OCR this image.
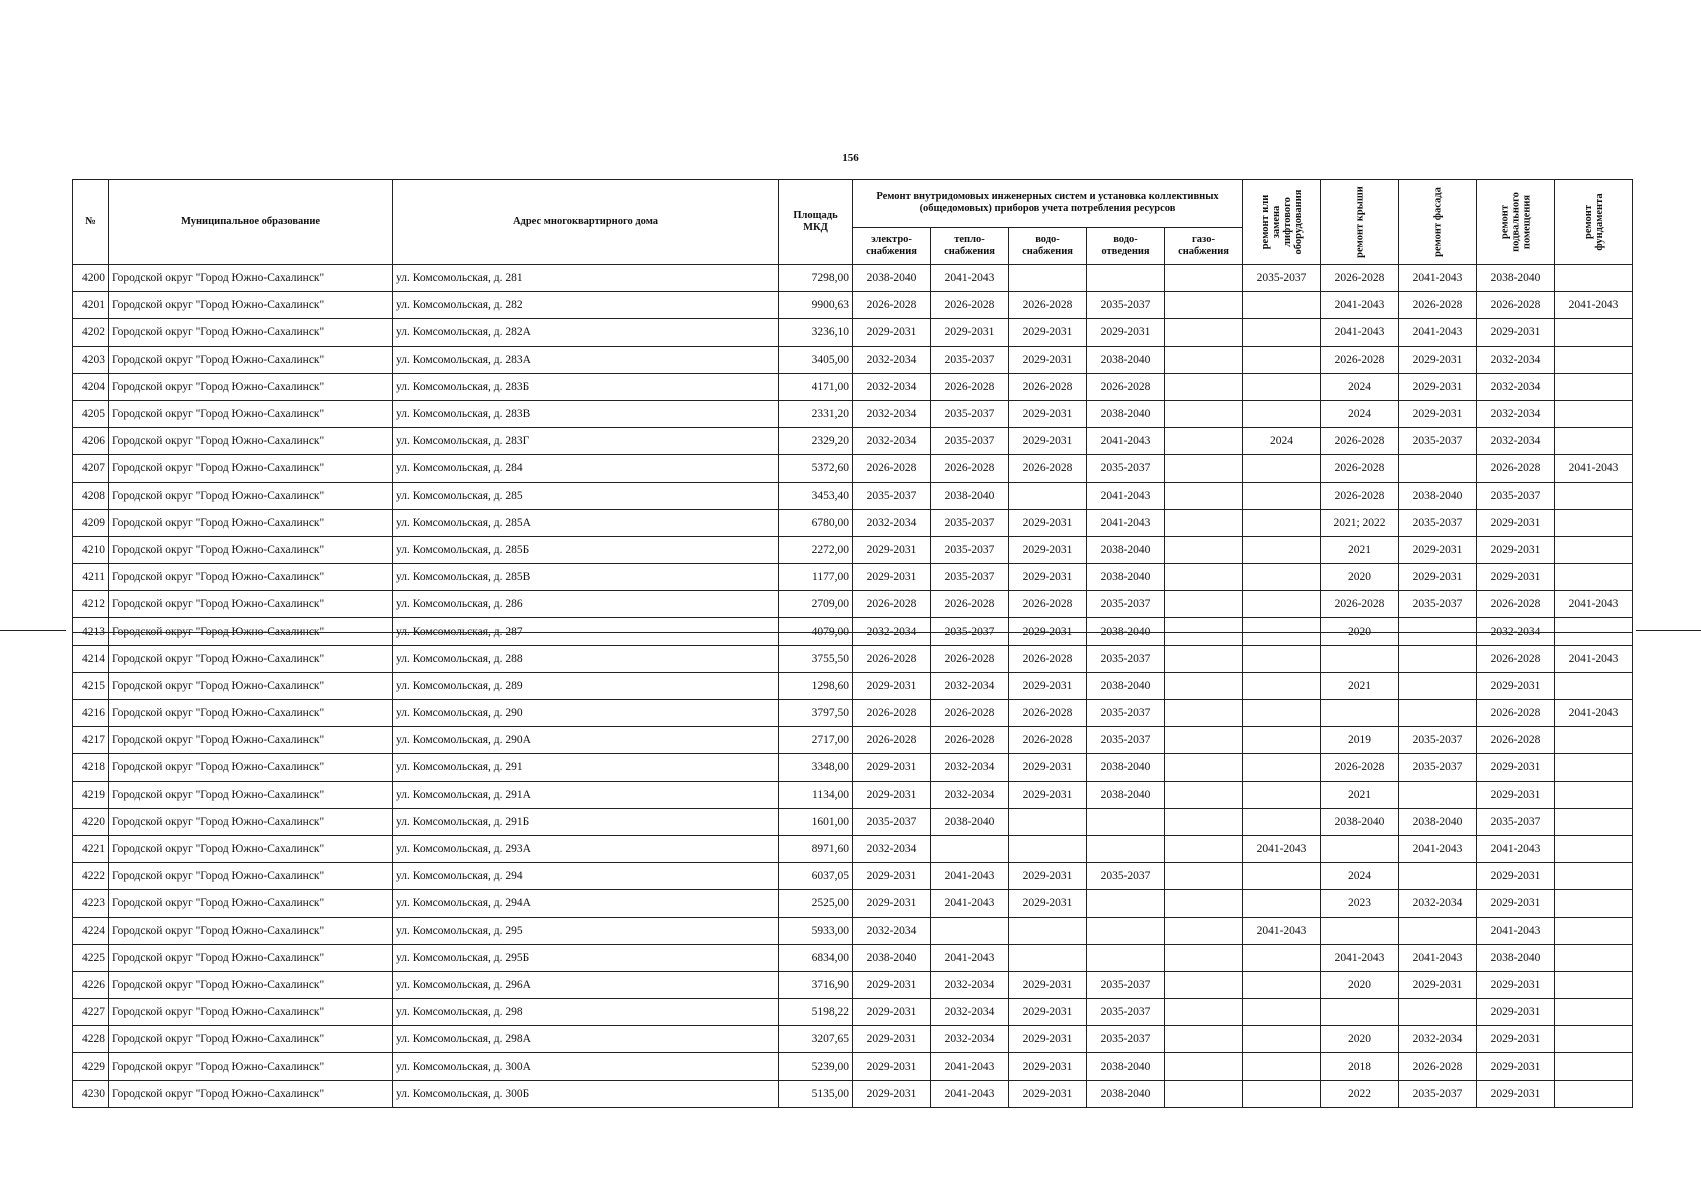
156
№	Муниципальное образование	Адрес многоквартирного дома	Площадь МКД	Ремонт внутридомовых инженерных систем и установка коллективных (общедомовых) приборов учета потребления ресурсов					ремонт или замена лифтового оборудования	ремонт крыши	ремонт фасада	ремонт подвального помещения	ремонт фундамента

				электро-снабжения	тепло-снабжения	водо-снабжения	водо-отведения	газо-снабжения					
4200	Городской округ "Город Южно-Сахалинск"	ул. Комсомольская, д. 281	7298,00	2038-2040	2041-2043				2035-2037	2026-2028	2041-2043	2038-2040	
4201	Городской округ "Город Южно-Сахалинск"	ул. Комсомольская, д. 282	9900,63	2026-2028	2026-2028	2026-2028	2035-2037			2041-2043	2026-2028	2026-2028	2041-2043
4202	Городской округ "Город Южно-Сахалинск"	ул. Комсомольская, д. 282А	3236,10	2029-2031	2029-2031	2029-2031	2029-2031			2041-2043	2041-2043	2029-2031	
4203	Городской округ "Город Южно-Сахалинск"	ул. Комсомольская, д. 283А	3405,00	2032-2034	2035-2037	2029-2031	2038-2040			2026-2028	2029-2031	2032-2034	
4204	Городской округ "Город Южно-Сахалинск"	ул. Комсомольская, д. 283Б	4171,00	2032-2034	2026-2028	2026-2028	2026-2028			2024	2029-2031	2032-2034	
4205	Городской округ "Город Южно-Сахалинск"	ул. Комсомольская, д. 283В	2331,20	2032-2034	2035-2037	2029-2031	2038-2040			2024	2029-2031	2032-2034	
4206	Городской округ "Город Южно-Сахалинск"	ул. Комсомольская, д. 283Г	2329,20	2032-2034	2035-2037	2029-2031	2041-2043		2024	2026-2028	2035-2037	2032-2034	
4207	Городской округ "Город Южно-Сахалинск"	ул. Комсомольская, д. 284	5372,60	2026-2028	2026-2028	2026-2028	2035-2037			2026-2028		2026-2028	2041-2043
4208	Городской округ "Город Южно-Сахалинск"	ул. Комсомольская, д. 285	3453,40	2035-2037	2038-2040		2041-2043			2026-2028	2038-2040	2035-2037	
4209	Городской округ "Город Южно-Сахалинск"	ул. Комсомольская, д. 285А	6780,00	2032-2034	2035-2037	2029-2031	2041-2043			2021; 2022	2035-2037	2029-2031	
4210	Городской округ "Город Южно-Сахалинск"	ул. Комсомольская, д. 285Б	2272,00	2029-2031	2035-2037	2029-2031	2038-2040			2021	2029-2031	2029-2031	
4211	Городской округ "Город Южно-Сахалинск"	ул. Комсомольская, д. 285В	1177,00	2029-2031	2035-2037	2029-2031	2038-2040			2020	2029-2031	2029-2031	
4212	Городской округ "Город Южно-Сахалинск"	ул. Комсомольская, д. 286	2709,00	2026-2028	2026-2028	2026-2028	2035-2037			2026-2028	2035-2037	2026-2028	2041-2043
4213	Городской округ "Город Южно-Сахалинск"	ул. Комсомольская, д. 287	4079,00	2032-2034	2035-2037	2029-2031	2038-2040			2020		2032-2034	
4214	Городской округ "Город Южно-Сахалинск"	ул. Комсомольская, д. 288	3755,50	2026-2028	2026-2028	2026-2028	2035-2037					2026-2028	2041-2043
4215	Городской округ "Город Южно-Сахалинск"	ул. Комсомольская, д. 289	1298,60	2029-2031	2032-2034	2029-2031	2038-2040			2021		2029-2031	
4216	Городской округ "Город Южно-Сахалинск"	ул. Комсомольская, д. 290	3797,50	2026-2028	2026-2028	2026-2028	2035-2037					2026-2028	2041-2043
4217	Городской округ "Город Южно-Сахалинск"	ул. Комсомольская, д. 290А	2717,00	2026-2028	2026-2028	2026-2028	2035-2037			2019	2035-2037	2026-2028	
4218	Городской округ "Город Южно-Сахалинск"	ул. Комсомольская, д. 291	3348,00	2029-2031	2032-2034	2029-2031	2038-2040			2026-2028	2035-2037	2029-2031	
4219	Городской округ "Город Южно-Сахалинск"	ул. Комсомольская, д. 291А	1134,00	2029-2031	2032-2034	2029-2031	2038-2040			2021		2029-2031	
4220	Городской округ "Город Южно-Сахалинск"	ул. Комсомольская, д. 291Б	1601,00	2035-2037	2038-2040					2038-2040	2038-2040	2035-2037	
4221	Городской округ "Город Южно-Сахалинск"	ул. Комсомольская, д. 293А	8971,60	2032-2034					2041-2043		2041-2043	2041-2043	
4222	Городской округ "Город Южно-Сахалинск"	ул. Комсомольская, д. 294	6037,05	2029-2031	2041-2043	2029-2031	2035-2037			2024		2029-2031	
4223	Городской округ "Город Южно-Сахалинск"	ул. Комсомольская, д. 294А	2525,00	2029-2031	2041-2043	2029-2031				2023	2032-2034	2029-2031	
4224	Городской округ "Город Южно-Сахалинск"	ул. Комсомольская, д. 295	5933,00	2032-2034					2041-2043			2041-2043	
4225	Городской округ "Город Южно-Сахалинск"	ул. Комсомольская, д. 295Б	6834,00	2038-2040	2041-2043					2041-2043	2041-2043	2038-2040	
4226	Городской округ "Город Южно-Сахалинск"	ул. Комсомольская, д. 296А	3716,90	2029-2031	2032-2034	2029-2031	2035-2037			2020	2029-2031	2029-2031	
4227	Городской округ "Город Южно-Сахалинск"	ул. Комсомольская, д. 298	5198,22	2029-2031	2032-2034	2029-2031	2035-2037					2029-2031	
4228	Городской округ "Город Южно-Сахалинск"	ул. Комсомольская, д. 298А	3207,65	2029-2031	2032-2034	2029-2031	2035-2037			2020	2032-2034	2029-2031	
4229	Городской округ "Город Южно-Сахалинск"	ул. Комсомольская, д. 300А	5239,00	2029-2031	2041-2043	2029-2031	2038-2040			2018	2026-2028	2029-2031	
4230	Городской округ "Город Южно-Сахалинск"	ул. Комсомольская, д. 300Б	5135,00	2029-2031	2041-2043	2029-2031	2038-2040			2022	2035-2037	2029-2031	
